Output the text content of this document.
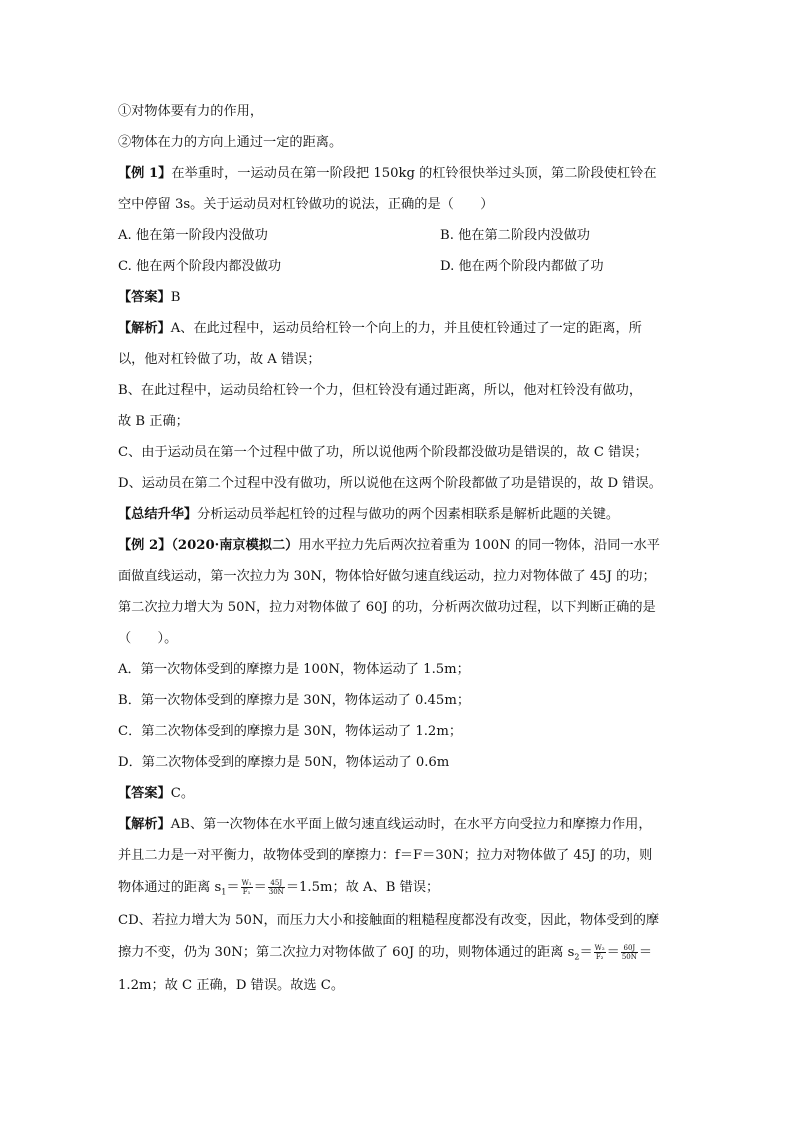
①对物体要有力的作用，
②物体在力的方向上通过一定的距离。
【例 1】在举重时，一运动员在第一阶段把 150kg 的杠铃很快举过头顶，第二阶段使杠铃在
空中停留 3s。关于运动员对杠铃做功的说法，正确的是（　　）
A. 他在第一阶段内没做功	B. 他在第二阶段内没做功
C. 他在两个阶段内都没做功	D. 他在两个阶段内都做了功
【答案】B
【解析】A、在此过程中，运动员给杠铃一个向上的力，并且使杠铃通过了一定的距离，所
以，他对杠铃做了功，故 A 错误；
B、在此过程中，运动员给杠铃一个力，但杠铃没有通过距离，所以，他对杠铃没有做功，
故 B 正确；
C、由于运动员在第一个过程中做了功，所以说他两个阶段都没做功是错误的，故 C 错误；
D、运动员在第二个过程中没有做功，所以说他在这两个阶段都做了功是错误的，故 D 错误。
【总结升华】分析运动员举起杠铃的过程与做功的两个因素相联系是解析此题的关键。
【例 2】（2020·南京模拟二）用水平拉力先后两次拉着重为 100N 的同一物体，沿同一水平
面做直线运动，第一次拉力为 30N，物体恰好做匀速直线运动，拉力对物体做了 45J 的功；
第二次拉力增大为 50N，拉力对物体做了 60J 的功，分析两次做功过程，以下判断正确的是
（　　）。
A．第一次物体受到的摩擦力是 100N，物体运动了 1.5m；
B．第一次物体受到的摩擦力是 30N，物体运动了 0.45m；
C．第二次物体受到的摩擦力是 30N，物体运动了 1.2m；
D．第二次物体受到的摩擦力是 50N，物体运动了 0.6m
【答案】C。
【解析】AB、第一次物体在水平面上做匀速直线运动时，在水平方向受拉力和摩擦力作用，
并且二力是一对平衡力，故物体受到的摩擦力：f＝F＝30N；拉力对物体做了 45J 的功，则
物体通过的距离 $s_1= \frac{\text{W₁}}{\text{F₁}} = \frac{45J}{30N} =1.5m$；故 A、B 错误；
CD、若拉力增大为 50N，而压力大小和接触面的粗糙程度都没有改变，因此，物体受到的摩
擦力不变，仍为 30N；第二次拉力对物体做了 60J 的功，则物体通过的距离 $s_2= \frac{\text{W₂}}{\text{F₂}} = \frac{60J}{50N}$ ＝
1.2m；故 C 正确，D 错误。故选 C。
